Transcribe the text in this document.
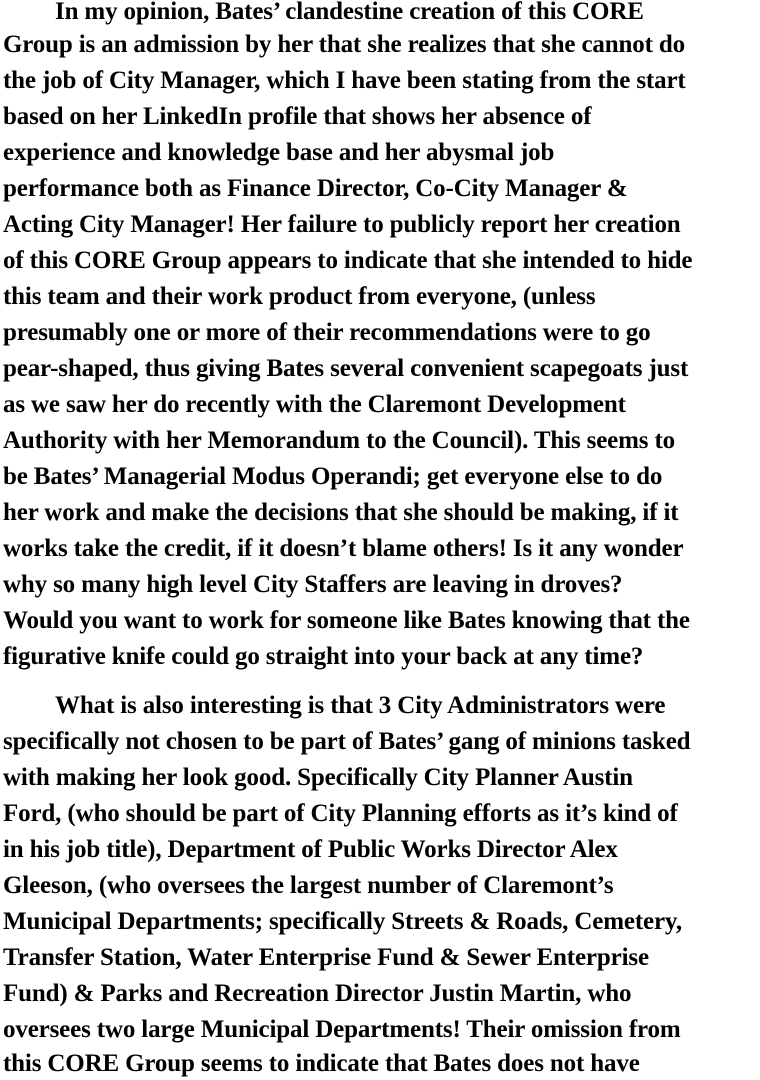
In my opinion, Bates’ clandestine creation of this CORE
Group is an admission by her that she realizes that she cannot do
the job of City Manager, which I have been stating from the start
based on her LinkedIn profile that shows her absence of
experience and knowledge base and her abysmal job
performance both as Finance Director, Co-City Manager &
Acting City Manager! Her failure to publicly report her creation
of this CORE Group appears to indicate that she intended to hide
this team and their work product from everyone, (unless
presumably one or more of their recommendations were to go
pear-shaped, thus giving Bates several convenient scapegoats just
as we saw her do recently with the Claremont Development
Authority with her Memorandum to the Council). This seems to
be Bates’ Managerial Modus Operandi; get everyone else to do
her work and make the decisions that she should be making, if it
works take the credit, if it doesn’t blame others! Is it any wonder
why so many high level City Staffers are leaving in droves?
Would you want to work for someone like Bates knowing that the
figurative knife could go straight into your back at any time?
What is also interesting is that 3 City Administrators were
specifically not chosen to be part of Bates’ gang of minions tasked
with making her look good. Specifically City Planner Austin
Ford, (who should be part of City Planning efforts as it’s kind of
in his job title), Department of Public Works Director Alex
Gleeson, (who oversees the largest number of Claremont’s
Municipal Departments; specifically Streets & Roads, Cemetery,
Transfer Station, Water Enterprise Fund & Sewer Enterprise
Fund) & Parks and Recreation Director Justin Martin, who
oversees two large Municipal Departments! Their omission from
this CORE Group seems to indicate that Bates does not have
